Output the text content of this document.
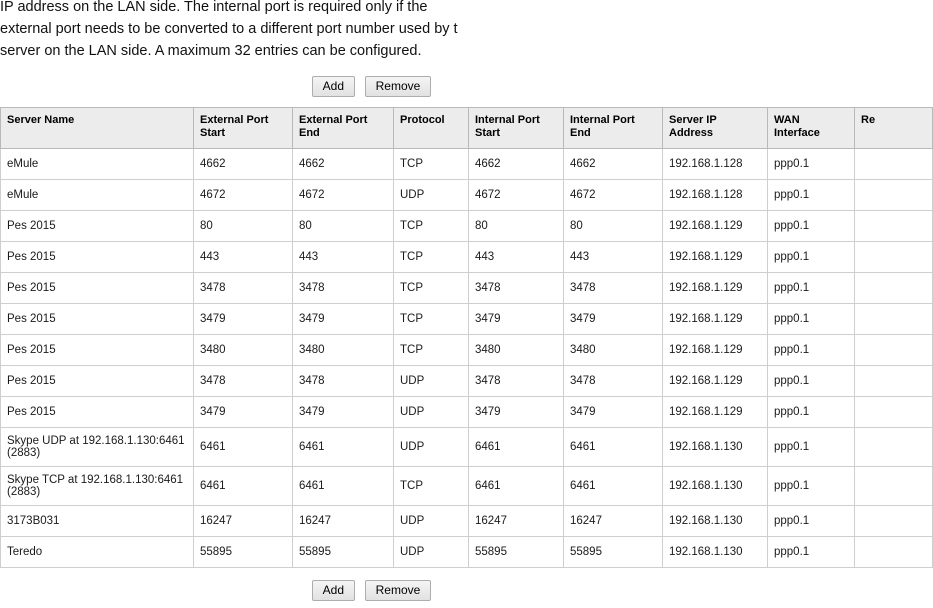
IP address on the LAN side. The internal port is required only if the
external port needs to be converted to a different port number used by t
server on the LAN side. A maximum 32 entries can be configured.
Add	Remove
Server Name	External Port Start	External Port End	Protocol	Internal Port Start	Internal Port End	Server IP Address	WAN Interface	Re
eMule	4662	4662	TCP	4662	4662	192.168.1.128	ppp0.1	
eMule	4672	4672	UDP	4672	4672	192.168.1.128	ppp0.1	
Pes 2015	80	80	TCP	80	80	192.168.1.129	ppp0.1	
Pes 2015	443	443	TCP	443	443	192.168.1.129	ppp0.1	
Pes 2015	3478	3478	TCP	3478	3478	192.168.1.129	ppp0.1	
Pes 2015	3479	3479	TCP	3479	3479	192.168.1.129	ppp0.1	
Pes 2015	3480	3480	TCP	3480	3480	192.168.1.129	ppp0.1	
Pes 2015	3478	3478	UDP	3478	3478	192.168.1.129	ppp0.1	
Pes 2015	3479	3479	UDP	3479	3479	192.168.1.129	ppp0.1	
Skype UDP at 192.168.1.130:6461 (2883)	6461	6461	UDP	6461	6461	192.168.1.130	ppp0.1	
Skype TCP at 192.168.1.130:6461 (2883)	6461	6461	TCP	6461	6461	192.168.1.130	ppp0.1	
3173B031	16247	16247	UDP	16247	16247	192.168.1.130	ppp0.1	
Teredo	55895	55895	UDP	55895	55895	192.168.1.130	ppp0.1	
Add	Remove
